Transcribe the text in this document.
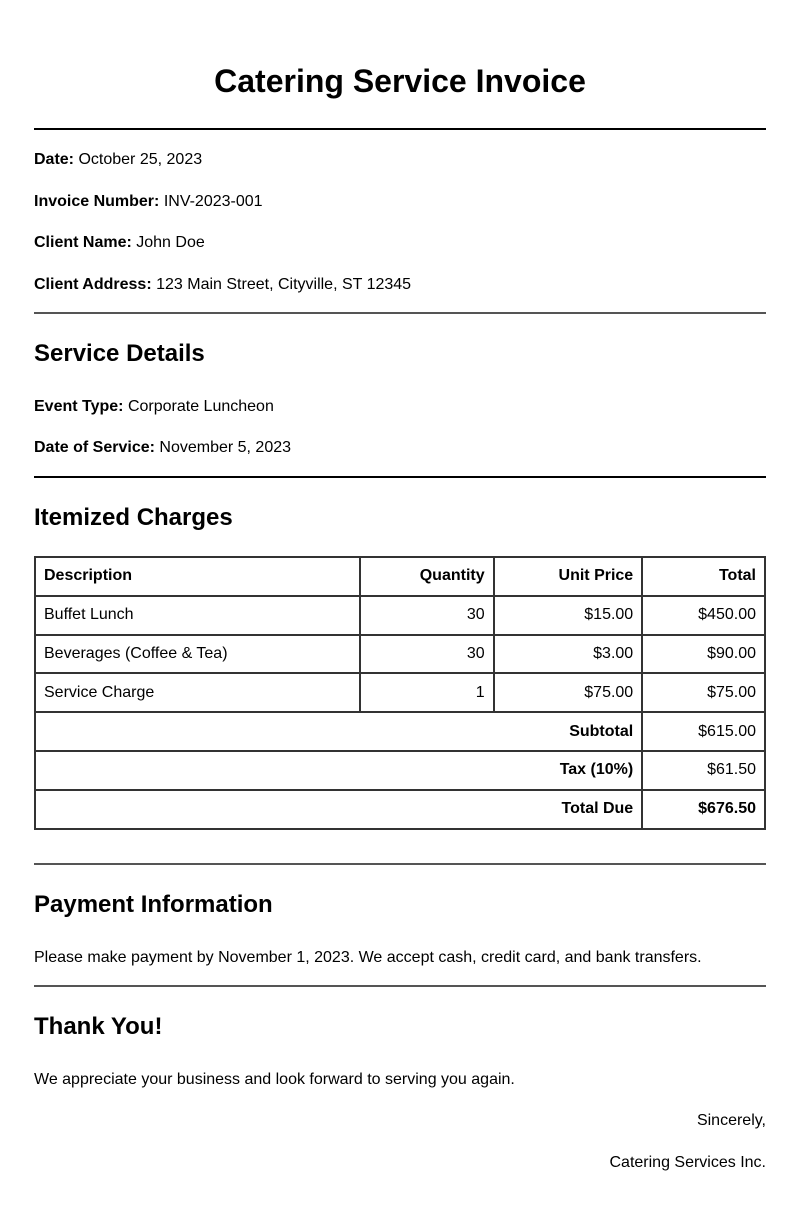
Catering Service Invoice
Date: October 25, 2023
Invoice Number: INV-2023-001
Client Name: John Doe
Client Address: 123 Main Street, Cityville, ST 12345
Service Details
Event Type: Corporate Luncheon
Date of Service: November 5, 2023
Itemized Charges
Description	Quantity	Unit Price	Total
Buffet Lunch	30	$15.00	$450.00
Beverages (Coffee & Tea)	30	$3.00	$90.00
Service Charge	1	$75.00	$75.00
Subtotal			$615.00
Tax (10%)			$61.50
Total Due			$676.50
Payment Information
Please make payment by November 1, 2023. We accept cash, credit card, and bank transfers.
Thank You!
We appreciate your business and look forward to serving you again.
Sincerely,
Catering Services Inc.
